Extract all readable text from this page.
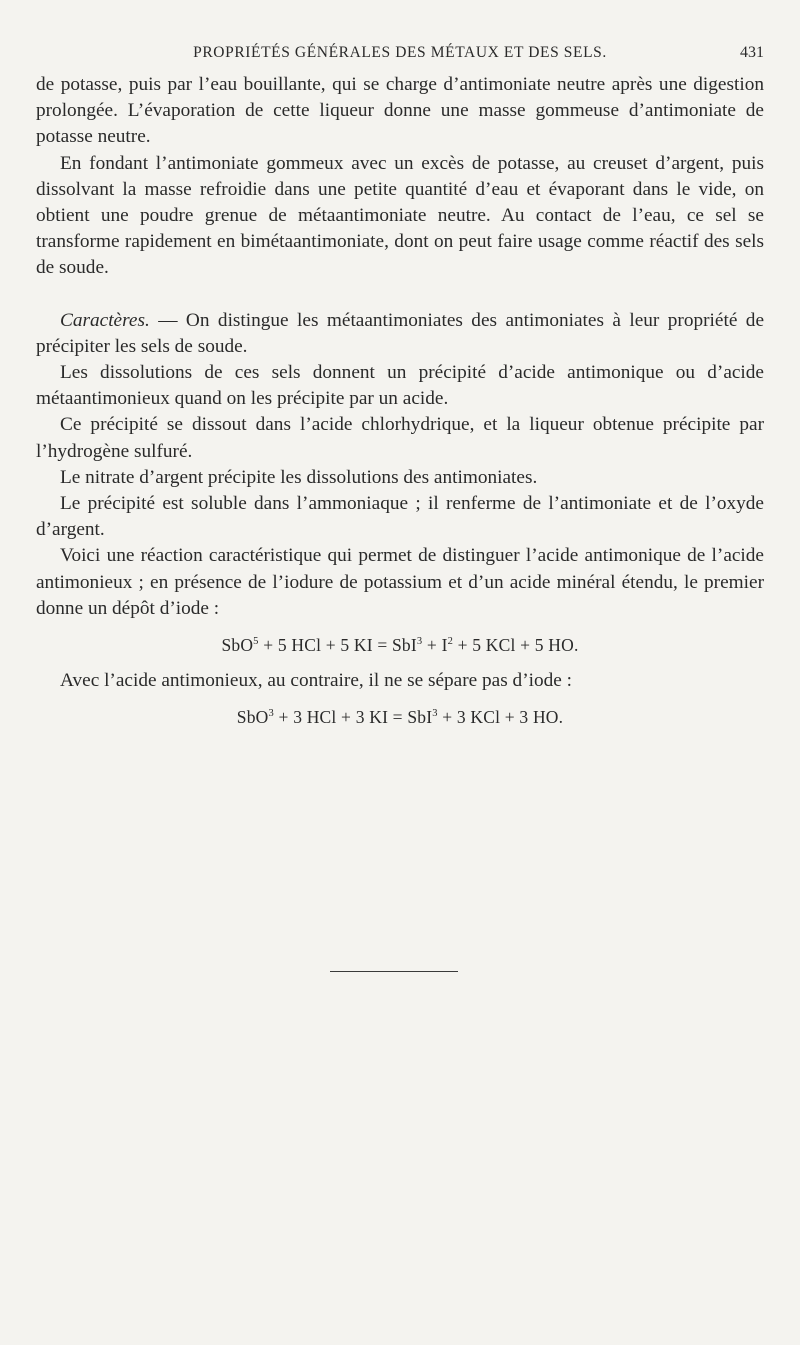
PROPRIÉTÉS GÉNÉRALES DES MÉTAUX ET DES SELS.	431

de potasse, puis par l’eau bouillante, qui se charge d’antimoniate neutre après une digestion prolongée. L’évaporation de cette liqueur donne une masse gommeuse d’antimoniate de potasse neutre.

En fondant l’antimoniate gommeux avec un excès de potasse, au creuset d’argent, puis dissolvant la masse refroidie dans une petite quantité d’eau et évaporant dans le vide, on obtient une poudre grenue de métaantimoniate neutre. Au contact de l’eau, ce sel se transforme rapidement en bimétaantimoniate, dont on peut faire usage comme réactif des sels de soude.

Caractères. — On distingue les métaantimoniates des antimoniates à leur propriété de précipiter les sels de soude.

Les dissolutions de ces sels donnent un précipité d’acide antimonique ou d’acide métaantimonieux quand on les précipite par un acide.

Ce précipité se dissout dans l’acide chlorhydrique, et la liqueur obtenue précipite par l’hydrogène sulfuré.

Le nitrate d’argent précipite les dissolutions des antimoniates.

Le précipité est soluble dans l’ammoniaque ; il renferme de l’antimoniate et de l’oxyde d’argent.

Voici une réaction caractéristique qui permet de distinguer l’acide antimonique de l’acide antimonieux ; en présence de l’iodure de potassium et d’un acide minéral étendu, le premier donne un dépôt d’iode :

SbO$^5$ + 5 HCl + 5 KI = $SbI^3 + I^2 + 5$ KCl + 5 HO.

Avec l’acide antimonieux, au contraire, il ne se sépare pas d’iode :

SbO$^3$ + 3 HCl + 3 KI = SbI$^3$ + 3 KCl + 3 HO.
